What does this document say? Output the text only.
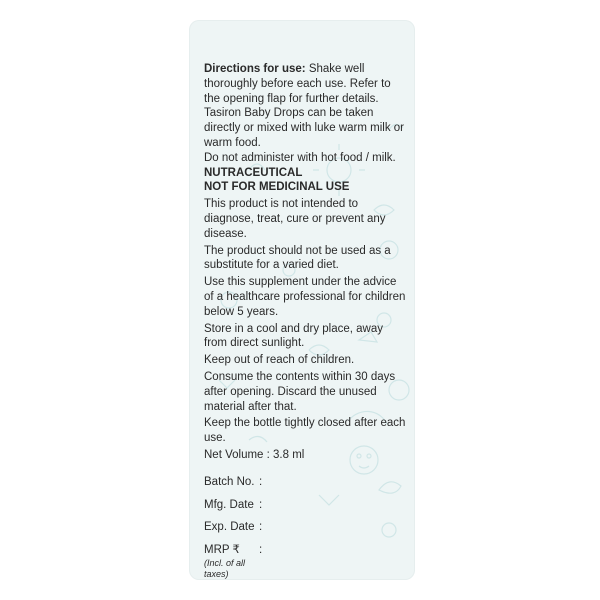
Directions for use: Shake well thoroughly before each use. Refer to the opening flap for further details.

Tasiron Baby Drops can be taken directly or mixed with luke warm milk or warm food.

Do not administer with hot food / milk.

NUTRACEUTICAL

NOT FOR MEDICINAL USE

This product is not intended to diagnose, treat, cure or prevent any disease.

The product should not be used as a substitute for a varied diet.

Use this supplement under the advice of a healthcare professional for children below 5 years.

Store in a cool and dry place, away from direct sunlight.

Keep out of reach of children.

Consume the contents within 30 days after opening. Discard the unused material after that.

Keep the bottle tightly closed after each use.

Net Volume : 3.8 ml

Batch No. :
Mfg. Date :
Exp. Date :
MRP ₹ :

(Incl. of all

taxes)
